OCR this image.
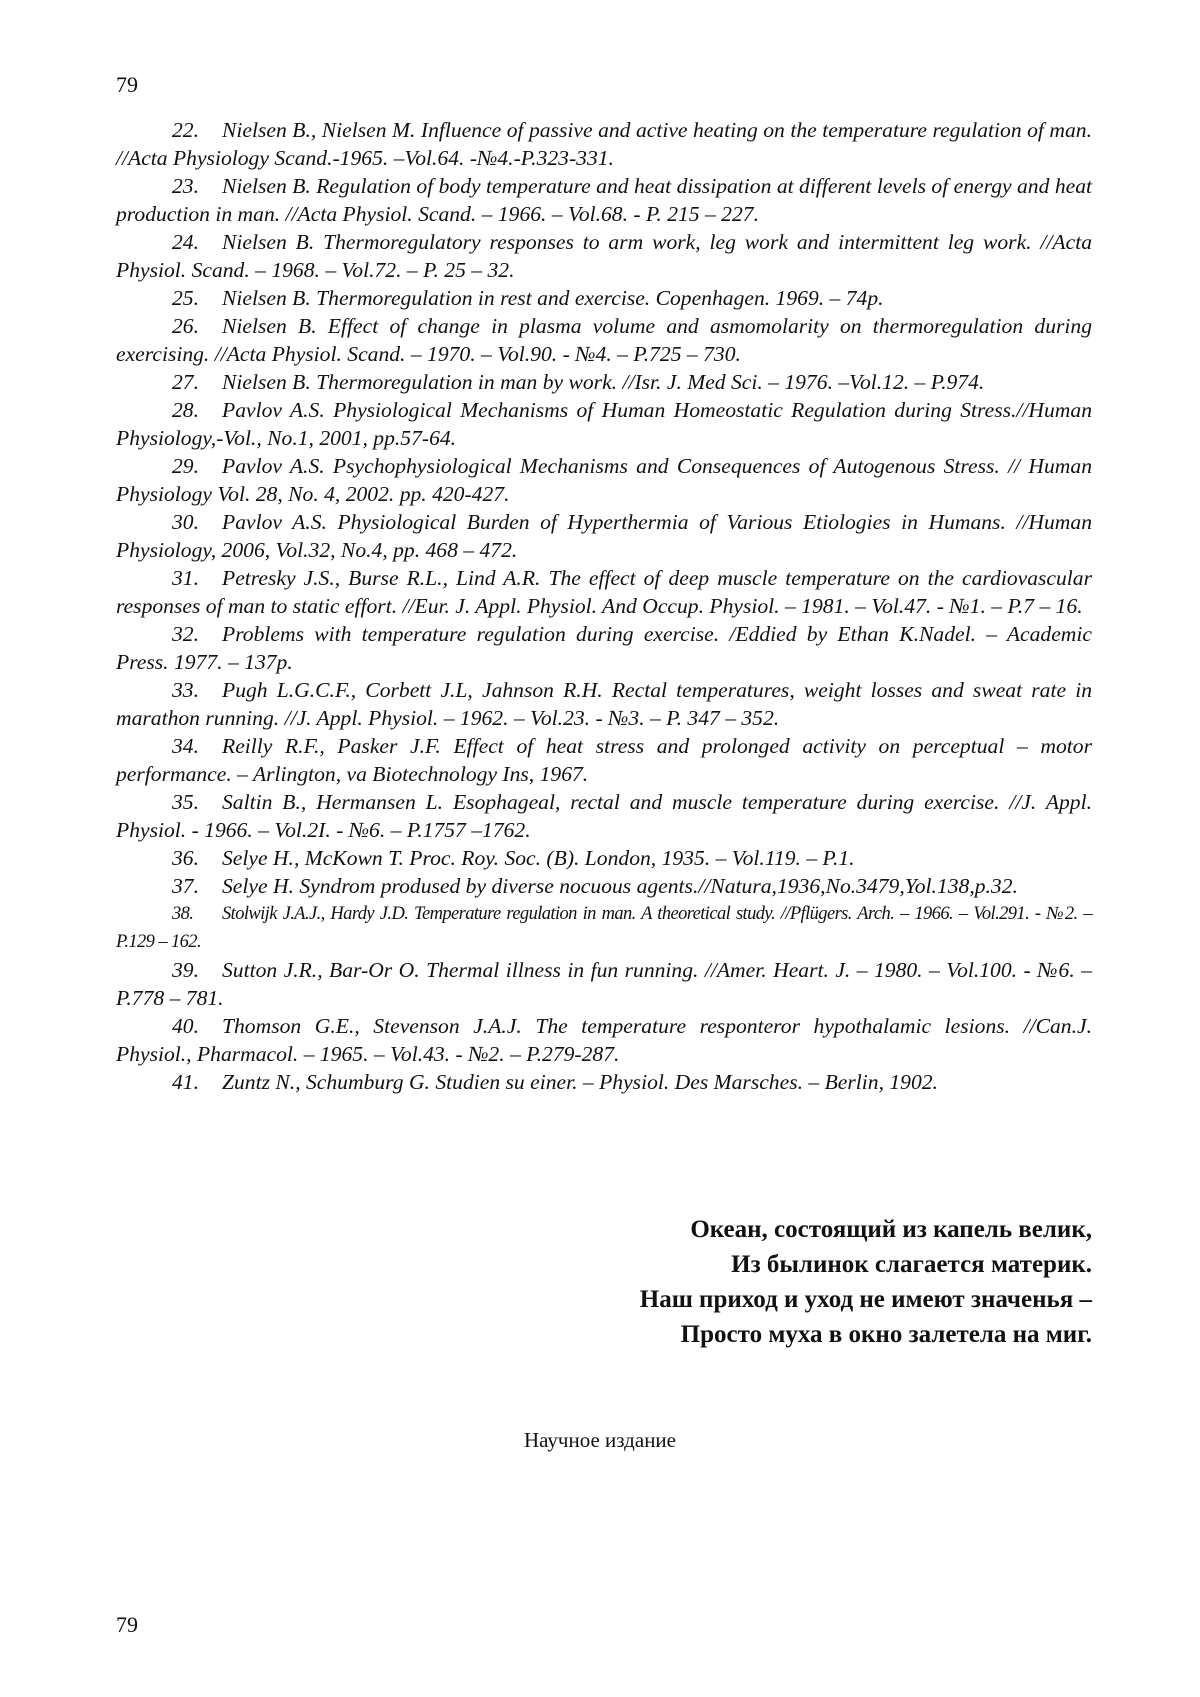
79

22. Nielsen B., Nielsen M. Influence of passive and active heating on the temperature regulation of man. //Acta Physiology Scand.-1965. –Vol.64. -№4.-P.323-331.

23. Nielsen B. Regulation of body temperature and heat dissipation at different levels of energy and heat production in man. //Acta Physiol. Scand. – 1966. – Vol.68. - P. 215 – 227.

24. Nielsen B. Thermoregulatory responses to arm work, leg work and intermittent leg work. //Acta Physiol. Scand. – 1968. – Vol.72. – P. 25 – 32.

25. Nielsen B. Thermoregulation in rest and exercise. Copenhagen. 1969. – 74p.

26. Nielsen B. Effect of change in plasma volume and asmomolarity on thermoregulation during exercising. //Acta Physiol. Scand. – 1970. – Vol.90. - №4. – P.725 – 730.

27. Nielsen B. Thermoregulation in man by work. //Isr. J. Med Sci. – 1976. –Vol.12. – P.974.

28. Pavlov A.S. Physiological Mechanisms of Human Homeostatic Regulation during Stress.//Human Physiology,-Vol., No.1, 2001, pp.57-64.

29. Pavlov A.S. Psychophysiological Mechanisms and Consequences of Autogenous Stress. // Human Physiology Vol. 28, No. 4, 2002. pp. 420-427.

30. Pavlov A.S. Physiological Burden of Hyperthermia of Various Etiologies in Humans. //Human Physiology, 2006, Vol.32, No.4, pp. 468 – 472.

31. Petresky J.S., Burse R.L., Lind A.R. The effect of deep muscle temperature on the cardiovascular responses of man to static effort. //Eur. J. Appl. Physiol. And Occup. Physiol. – 1981. – Vol.47. - №1. – P.7 – 16.

32. Problems with temperature regulation during exercise. /Eddied by Ethan K.Nadel. – Academic Press. 1977. – 137p.

33. Pugh L.G.C.F., Corbett J.L, Jahnson R.H. Rectal temperatures, weight losses and sweat rate in marathon running. //J. Appl. Physiol. – 1962. – Vol.23. - №3. – P. 347 – 352.

34. Reilly R.F., Pasker J.F. Effect of heat stress and prolonged activity on perceptual – motor performance. – Arlington, va Biotechnology Ins, 1967.

35. Saltin B., Hermansen L. Esophageal, rectal and muscle temperature during exercise. //J. Appl. Physiol. - 1966. – Vol.2I. - №6. – P.1757 –1762.

36. Selye H., McKown T. Proc. Roy. Soc. (B). London, 1935. – Vol.119. – P.1.

37. Selye H. Syndrom prodused by diverse nocuous agents.//Natura,1936,No.3479,Yol.138,p.32.

38. Stolwijk J.A.J., Hardy J.D. Temperature regulation in man. A theoretical study. //Pflügers. Arch. – 1966. – Vol.291. - №2. – P.129 – 162.

39. Sutton J.R., Bar-Or O. Thermal illness in fun running. //Amer. Heart. J. – 1980. – Vol.100. - №6. – P.778 – 781.

40. Thomson G.E., Stevenson J.A.J. The temperature responteror hypothalamic lesions. //Can.J. Physiol., Pharmacol. – 1965. – Vol.43. - №2. – P.279-287.

41. Zuntz N., Schumburg G. Studien su einer. – Physiol. Des Marsches. – Berlin, 1902.

Океан, состоящий из капель велик,
Из былинок слагается материк.
Наш приход и уход не имеют значенья –
Просто муха в окно залетела на миг.
Научное издание
79
